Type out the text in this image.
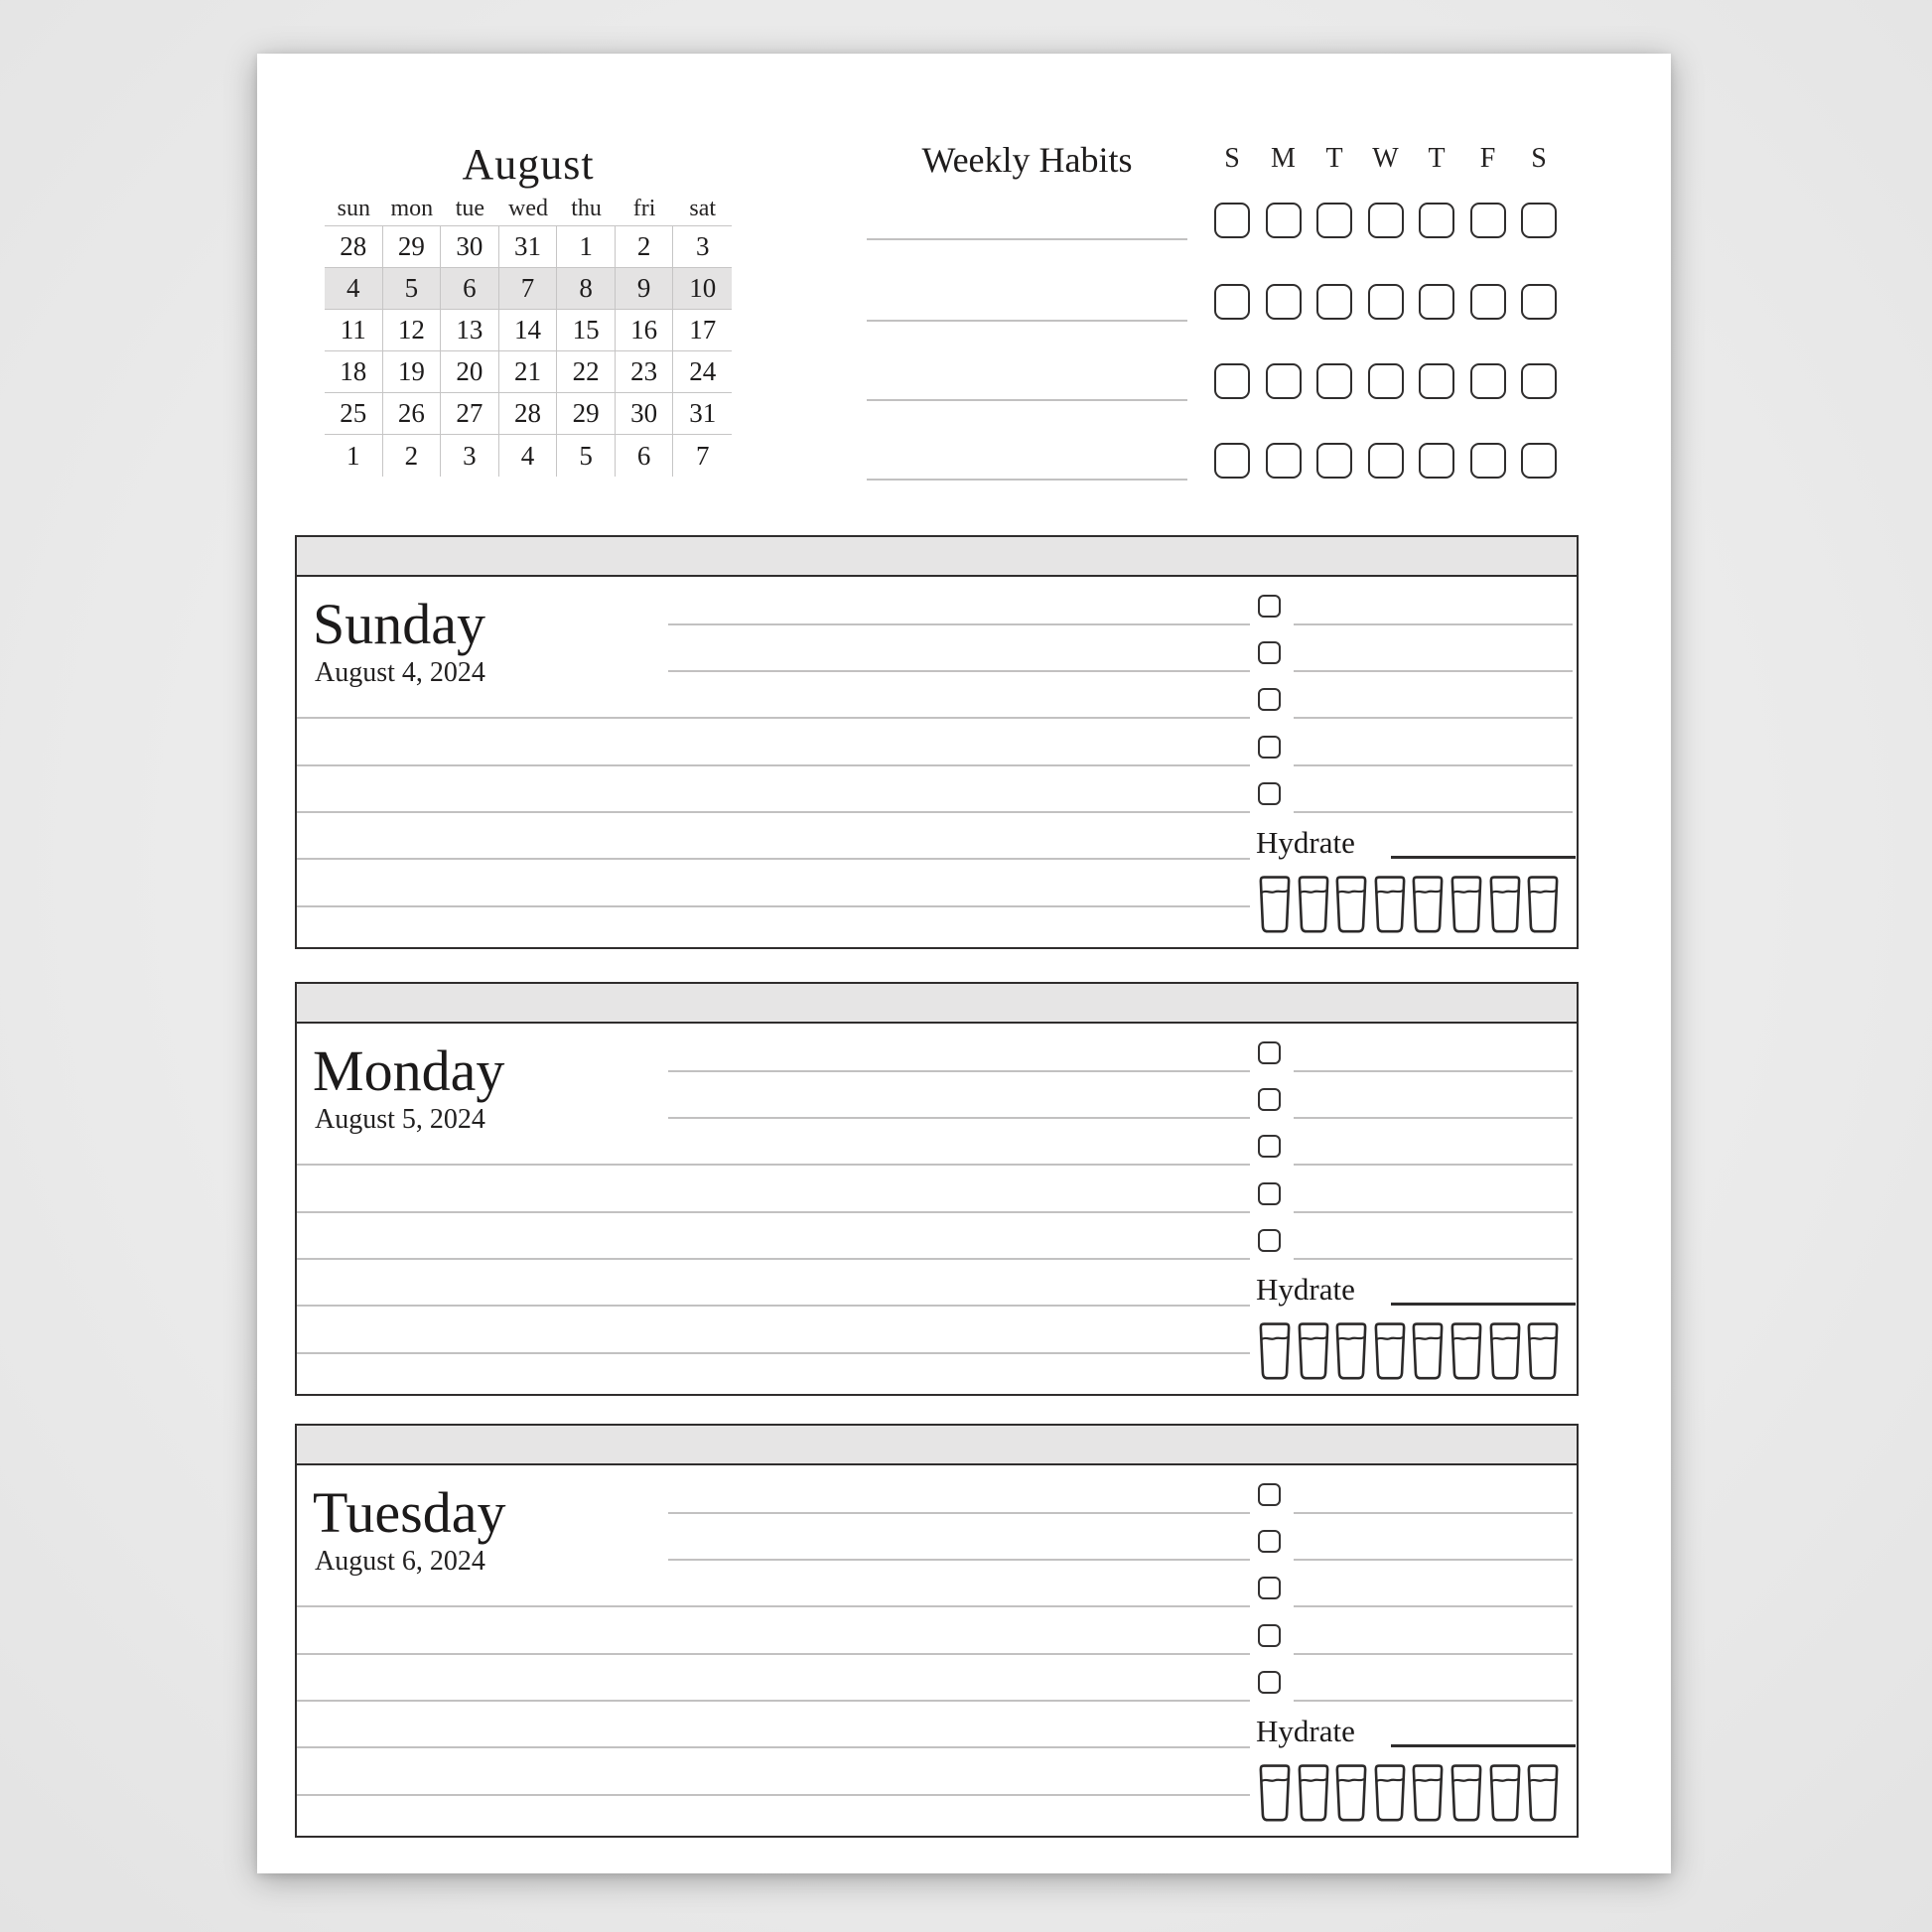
August
sun mon tue wed thu	fri	sat
28	29	30	31	1	2	3
4	5	6	7	8	9	10
11	12	13	14	15	16	17
18	19	20	21	22	23	24
25	26	27	28	29	30	31
1	2	3	4	5	6	7
Weekly Habits	S	M	T	W	T	F	S
Sunday
August 4, 2024
Hydrate
Monday
August 5, 2024
Hydrate
Tuesday
August 6, 2024
Hydrate
